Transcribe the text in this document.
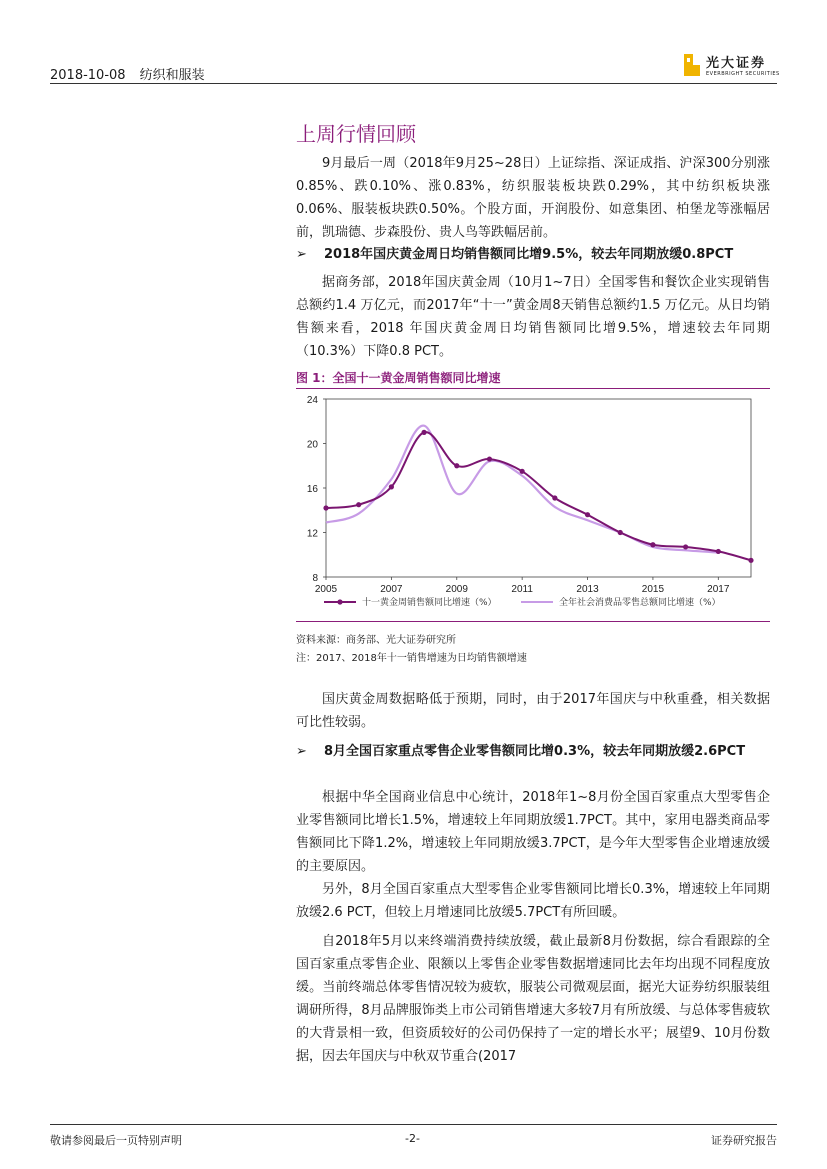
2018-10-08 纺织和服装
光大证券
EVERBRIGHT SECURITIES
上周行情回顾
9月最后一周（2018年9月25~28日）上证综指、深证成指、沪深300分别涨0.85%、跌0.10%、涨0.83%，纺织服装板块跌0.29%，其中纺织板块涨0.06%、服装板块跌0.50%。个股方面，开润股份、如意集团、柏堡龙等涨幅居前，凯瑞德、步森股份、贵人鸟等跌幅居前。
➢	2018年国庆黄金周日均销售额同比增9.5%，较去年同期放缓0.8PCT
据商务部，2018年国庆黄金周（10月1~7日）全国零售和餐饮企业实现销售总额约1.4 万亿元，而2017年“十一”黄金周8天销售总额约1.5 万亿元。从日均销售额来看，2018 年国庆黄金周日均销售额同比增9.5%，增速较去年同期（10.3%）下降0.8 PCT。
图 1：全国十一黄金周销售额同比增速
24
20
16
12
8
2005	2007	2009	2011	2013	2015	2017
十一黄金周销售额同比增速（%）	全年社会消费品零售总额同比增速（%）
资料来源：商务部、光大证券研究所
注：2017、2018年十一销售增速为日均销售额增速
国庆黄金周数据略低于预期，同时，由于2017年国庆与中秋重叠，相关数据可比性较弱。
➢	8月全国百家重点零售企业零售额同比增0.3%，较去年同期放缓2.6PCT
根据中华全国商业信息中心统计，2018年1~8月份全国百家重点大型零售企业零售额同比增长1.5%，增速较上年同期放缓1.7PCT。其中，家用电器类商品零售额同比下降1.2%，增速较上年同期放缓3.7PCT，是今年大型零售企业增速放缓的主要原因。
另外，8月全国百家重点大型零售企业零售额同比增长0.3%，增速较上年同期放缓2.6 PCT，但较上月增速同比放缓5.7PCT有所回暖。
自2018年5月以来终端消费持续放缓，截止最新8月份数据，综合看跟踪的全国百家重点零售企业、限额以上零售企业零售数据增速同比去年均出现不同程度放缓。当前终端总体零售情况较为疲软，服装公司微观层面，据光大证券纺织服装组调研所得，8月品牌服饰类上市公司销售增速大多较7月有所放缓、与总体零售疲软的大背景相一致，但资质较好的公司仍保持了一定的增长水平；展望9、10月份数据，因去年国庆与中秋双节重合(2017
敬请参阅最后一页特别声明	-2-	证券研究报告
